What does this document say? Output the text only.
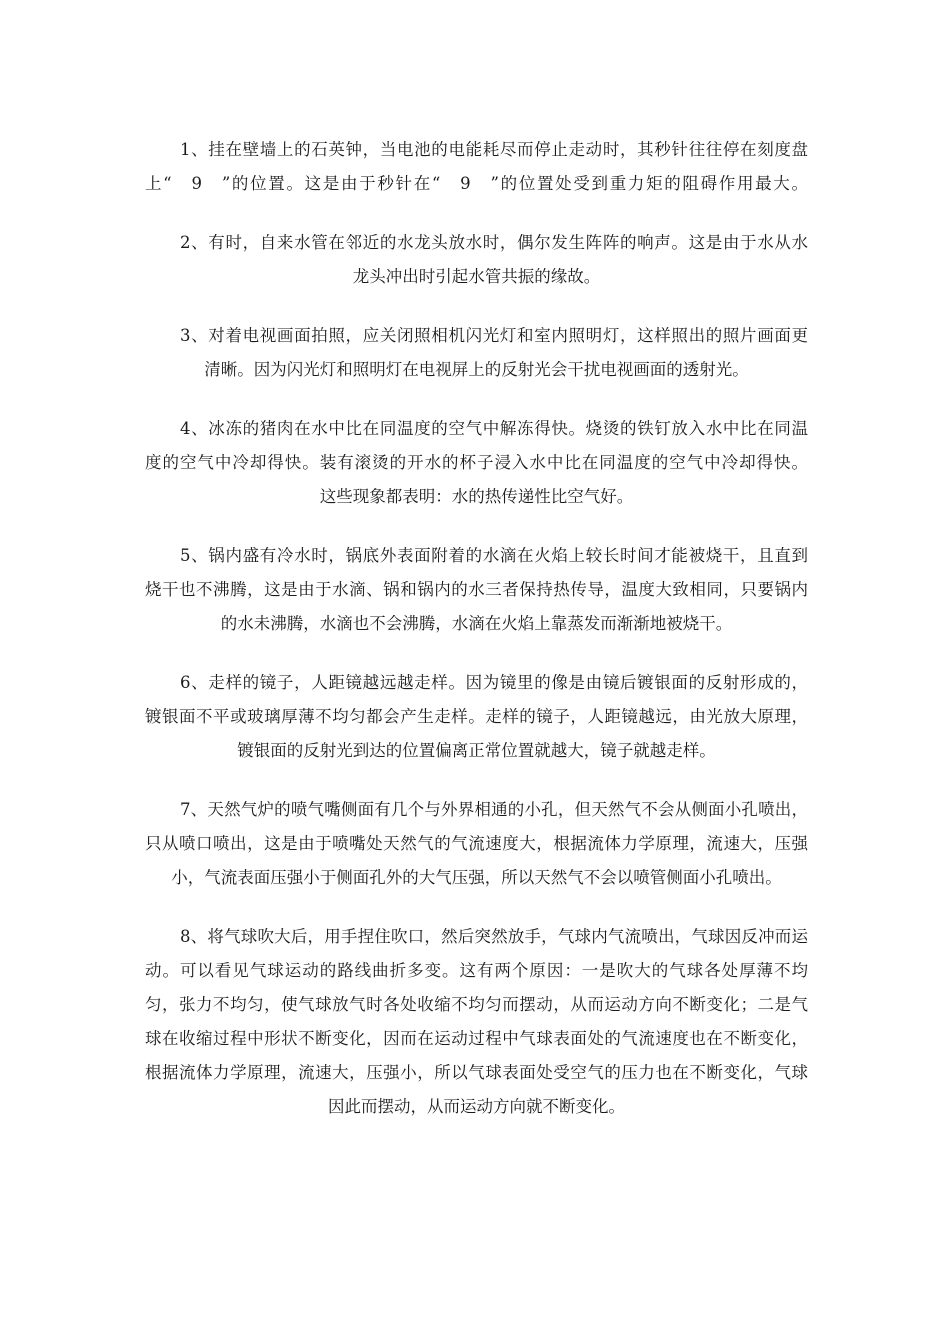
1、挂在壁墙上的石英钟，当电池的电能耗尽而停止走动时，其秒针往往停在刻度盘
上“　9　”的位置。这是由于秒针在“　9　”的位置处受到重力矩的阻碍作用最大。

2、有时，自来水管在邻近的水龙头放水时，偶尔发生阵阵的响声。这是由于水从水
龙头冲出时引起水管共振的缘故。

3、对着电视画面拍照，应关闭照相机闪光灯和室内照明灯，这样照出的照片画面更
清晰。因为闪光灯和照明灯在电视屏上的反射光会干扰电视画面的透射光。

4、冰冻的猪肉在水中比在同温度的空气中解冻得快。烧烫的铁钉放入水中比在同温
度的空气中冷却得快。装有滚烫的开水的杯子浸入水中比在同温度的空气中冷却得快。
这些现象都表明：水的热传递性比空气好。

5、锅内盛有冷水时，锅底外表面附着的水滴在火焰上较长时间才能被烧干，且直到
烧干也不沸腾，这是由于水滴、锅和锅内的水三者保持热传导，温度大致相同，只要锅内
的水未沸腾，水滴也不会沸腾，水滴在火焰上靠蒸发而渐渐地被烧干。

6、走样的镜子，人距镜越远越走样。因为镜里的像是由镜后镀银面的反射形成的，
镀银面不平或玻璃厚薄不均匀都会产生走样。走样的镜子，人距镜越远，由光放大原理，
镀银面的反射光到达的位置偏离正常位置就越大，镜子就越走样。

7、天然气炉的喷气嘴侧面有几个与外界相通的小孔，但天然气不会从侧面小孔喷出，
只从喷口喷出，这是由于喷嘴处天然气的气流速度大，根据流体力学原理，流速大，压强
小，气流表面压强小于侧面孔外的大气压强，所以天然气不会以喷管侧面小孔喷出。

8、将气球吹大后，用手捏住吹口，然后突然放手，气球内气流喷出，气球因反冲而运
动。可以看见气球运动的路线曲折多变。这有两个原因：一是吹大的气球各处厚薄不均
匀，张力不均匀，使气球放气时各处收缩不均匀而摆动，从而运动方向不断变化；二是气
球在收缩过程中形状不断变化，因而在运动过程中气球表面处的气流速度也在不断变化，
根据流体力学原理，流速大，压强小，所以气球表面处受空气的压力也在不断变化，气球
因此而摆动，从而运动方向就不断变化。
